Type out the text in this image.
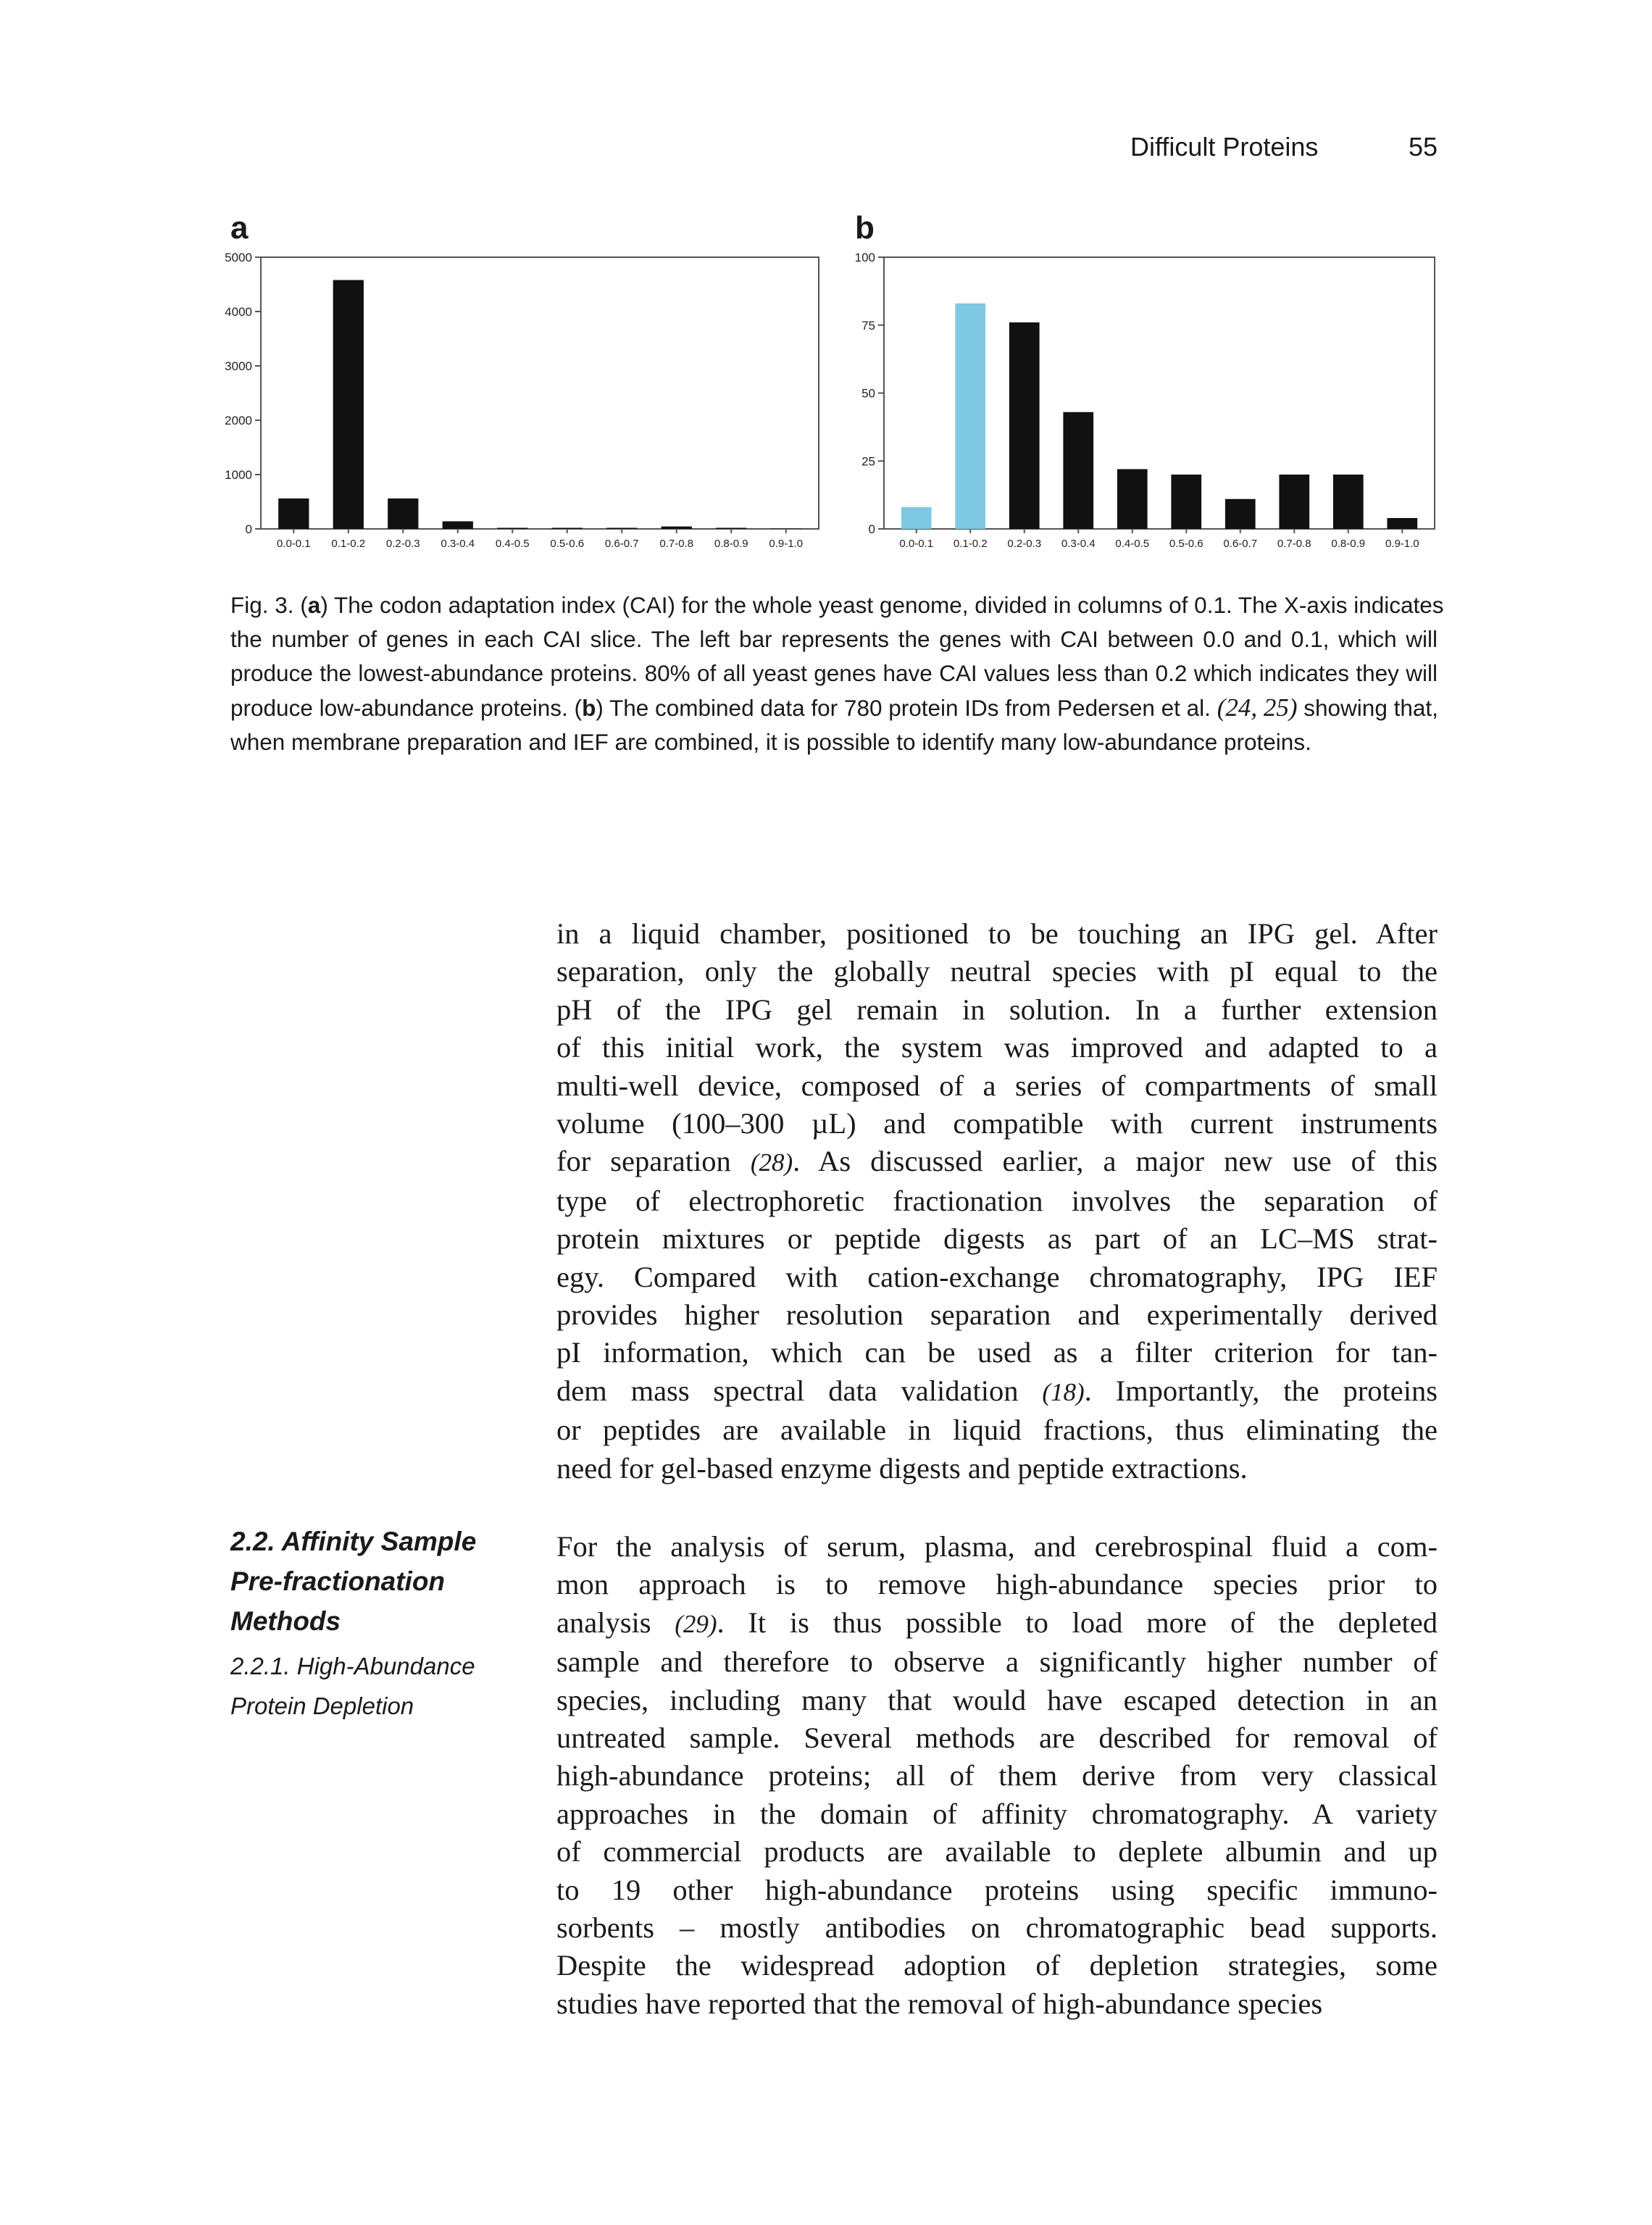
Difficult Proteins	55
a	b
0
1000
2000
3000
4000
5000
0.0-0.1 0.1-0.2 0.2-0.3 0.3-0.4 0.4-0.5 0.5-0.6 0.6-0.7 0.7-0.8 0.8-0.9 0.9-1.0
0
25
50
75
100
0.0-0.1 0.1-0.2 0.2-0.3 0.3-0.4 0.4-0.5 0.5-0.6 0.6-0.7 0.7-0.8 0.8-0.9 0.9-1.0
Fig. 3. (a) The codon adaptation index (CAI) for the whole yeast genome, divided in columns of 0.1. The X-axis indicates
the number of genes in each CAI slice. The left bar represents the genes with CAI between 0.0 and 0.1, which will
produce the lowest-abundance proteins. 80% of all yeast genes have CAI values less than 0.2 which indicates they will
produce low-abundance proteins. (b) The combined data for 780 protein IDs from Pedersen et al. (24, 25) showing that,
when membrane preparation and IEF are combined, it is possible to identify many low-abundance proteins.
in a liquid chamber, positioned to be touching an IPG gel. After
separation, only the globally neutral species with pI equal to the
pH of the IPG gel remain in solution. In a further extension
of this initial work, the system was improved and adapted to a
multi-well device, composed of a series of compartments of small
volume (100–300 µL) and compatible with current instruments
for separation (28). As discussed earlier, a major new use of this
type of electrophoretic fractionation involves the separation of
protein mixtures or peptide digests as part of an LC–MS strat-
egy. Compared with cation-exchange chromatography, IPG IEF
provides higher resolution separation and experimentally derived
pI information, which can be used as a filter criterion for tan-
dem mass spectral data validation (18). Importantly, the proteins
or peptides are available in liquid fractions, thus eliminating the
need for gel-based enzyme digests and peptide extractions.
2.2. Affinity Sample Pre-fractionation Methods
2.2.1. High-Abundance Protein Depletion
For the analysis of serum, plasma, and cerebrospinal fluid a com-
mon approach is to remove high-abundance species prior to
analysis (29). It is thus possible to load more of the depleted
sample and therefore to observe a significantly higher number of
species, including many that would have escaped detection in an
untreated sample. Several methods are described for removal of
high-abundance proteins; all of them derive from very classical
approaches in the domain of affinity chromatography. A variety
of commercial products are available to deplete albumin and up
to 19 other high-abundance proteins using specific immuno-
sorbents – mostly antibodies on chromatographic bead supports.
Despite the widespread adoption of depletion strategies, some
studies have reported that the removal of high-abundance species
